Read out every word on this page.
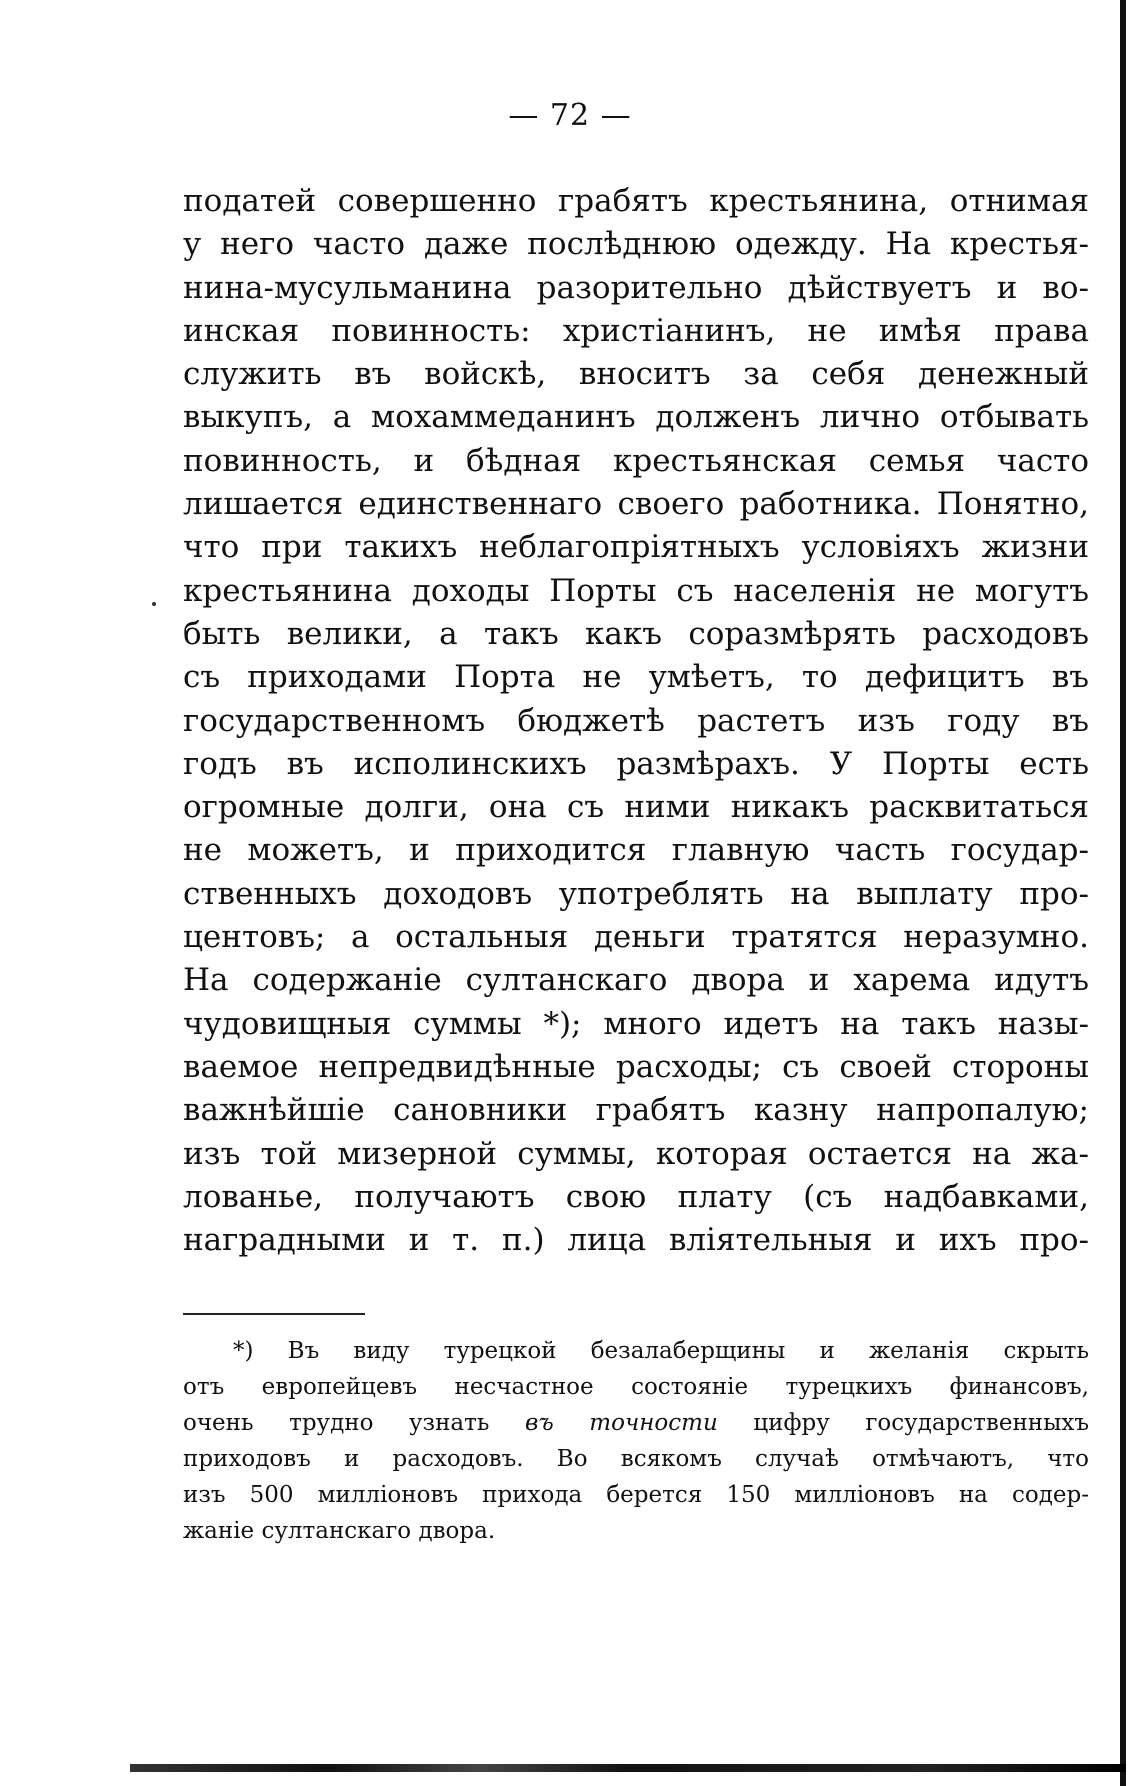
— 72 —
податей совершенно грабятъ крестьянина, отнимая
у него часто даже послѣднюю одежду. На крестья-
нина-мусульманина разорительно дѣйствуетъ и во-
инская повинность: христіанинъ, не имѣя права
служить въ войскѣ, вноситъ за себя денежный
выкупъ, а мохаммеданинъ долженъ лично отбывать
повинность, и бѣдная крестьянская семья часто
лишается единственнаго своего работника. Понятно,
что при такихъ неблагопріятныхъ условіяхъ жизни
крестьянина доходы Порты съ населенія не могутъ
быть велики, а такъ какъ соразмѣрять расходовъ
съ приходами Порта не умѣетъ, то дефицитъ въ
государственномъ бюджетѣ растетъ изъ году въ
годъ въ исполинскихъ размѣрахъ. У Порты есть
огромные долги, она съ ними никакъ расквитаться
не можетъ, и приходится главную часть государ-
ственныхъ доходовъ употреблять на выплату про-
центовъ; а остальныя деньги тратятся неразумно.
На содержаніе султанскаго двора и харема идутъ
чудовищныя суммы *); много идетъ на такъ назы-
ваемое непредвидѣнные расходы; съ своей стороны
важнѣйшіе сановники грабятъ казну напропалую;
изъ той мизерной суммы, которая остается на жа-
лованье, получаютъ свою плату (съ надбавками,
наградными и т. п.) лица вліятельныя и ихъ про-
*) Въ виду турецкой безалаберщины и желанія скрыть
отъ европейцевъ несчастное состояніе турецкихъ финансовъ,
очень трудно узнать въ точности цифру государственныхъ
приходовъ и расходовъ. Во всякомъ случаѣ отмѣчаютъ, что
изъ 500 милліоновъ прихода берется 150 милліоновъ на содер-
жаніе султанскаго двора.
